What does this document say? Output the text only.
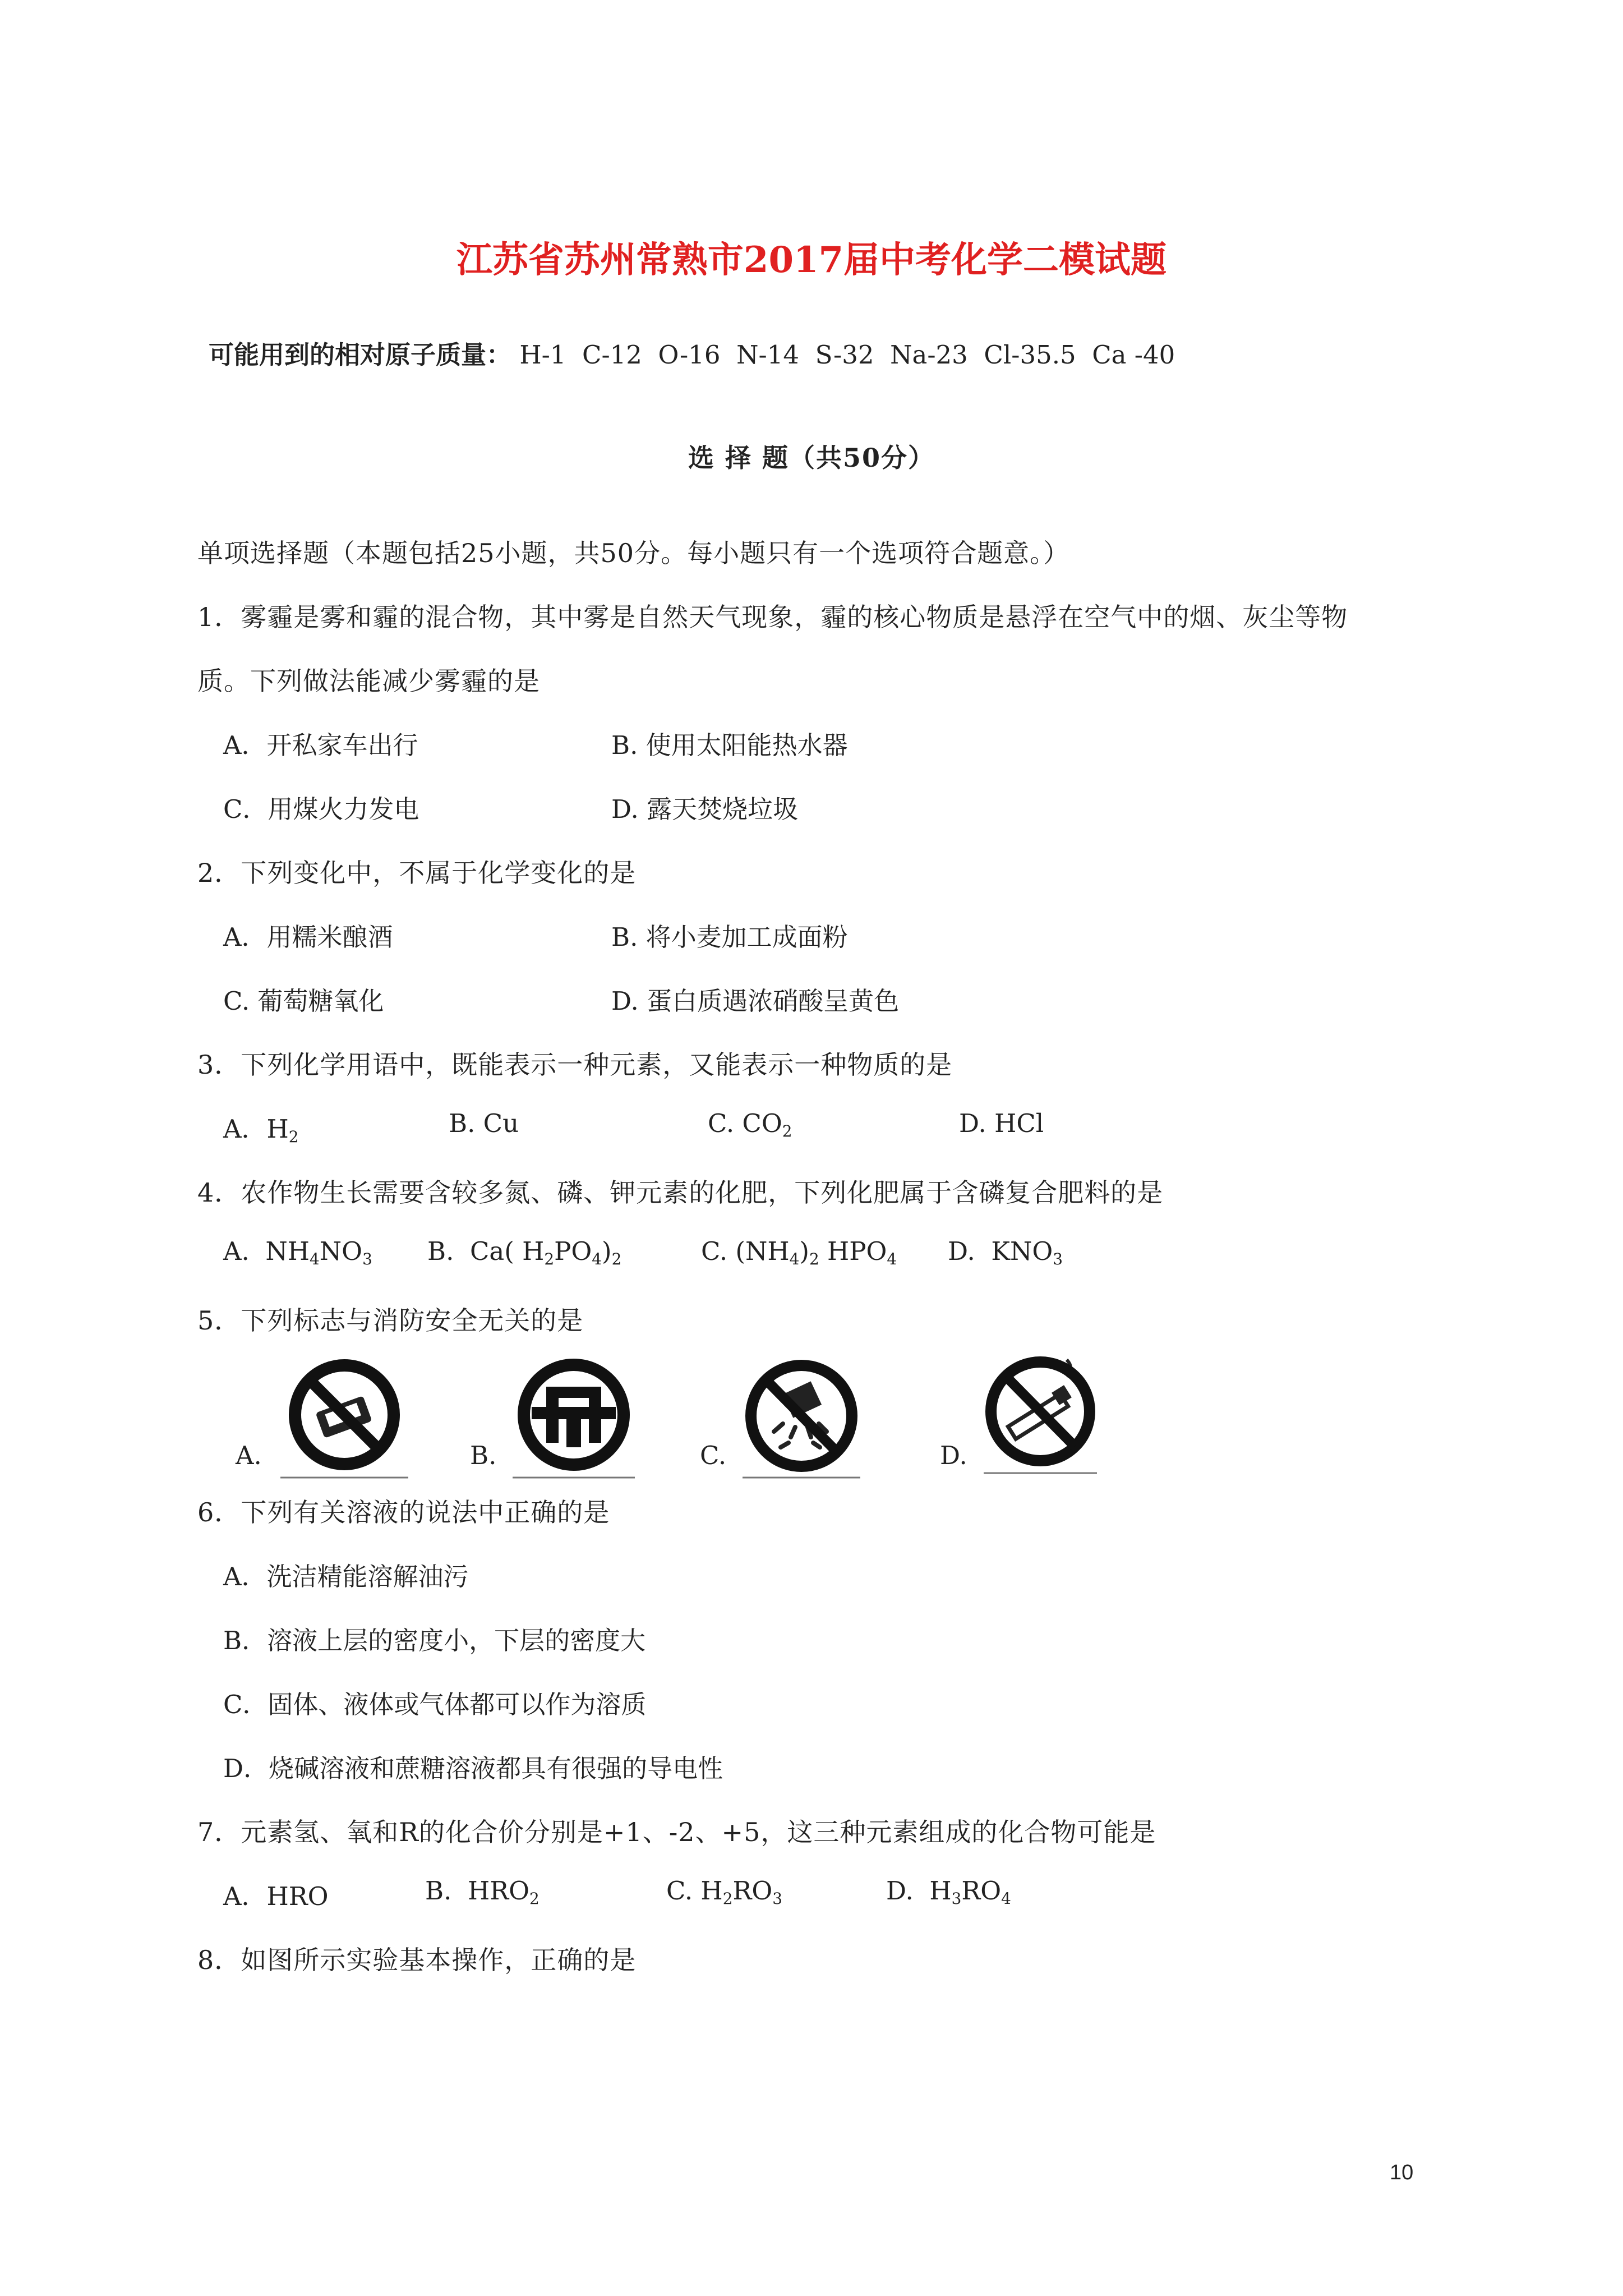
江苏省苏州常熟市2017届中考化学二模试题
可能用到的相对原子质量： H-1  C-12  O-16  N-14  S-32  Na-23  Cl-35.5  Ca -40
选 择 题（共50分）
单项选择题（本题包括25小题，共50分。每小题只有一个选项符合题意。）
1．雾霾是雾和霾的混合物，其中雾是自然天气现象，霾的核心物质是悬浮在空气中的烟、灰尘等物
质。下列做法能减少雾霾的是
A．开私家车出行	B. 使用太阳能热水器
C．用煤火力发电	D. 露天焚烧垃圾
2．下列变化中，不属于化学变化的是
A．用糯米酿酒	B. 将小麦加工成面粉
C. 葡萄糖氧化	D. 蛋白质遇浓硝酸呈黄色
3．下列化学用语中，既能表示一种元素，又能表示一种物质的是
A．$H_2$	B. Cu	C. $CO_2$	D. HCl
4．农作物生长需要含较多氮、磷、钾元素的化肥，下列化肥属于含磷复合肥料的是
A.  $NH_4NO_3$ B.  Ca( $H_2PO_4)_2$	C. $(NH_4)_2$ $HPO_4$ D.  $KNO_3$
5．下列标志与消防安全无关的是
A.	B.	C.	D.
6．下列有关溶液的说法中正确的是
A．洗洁精能溶解油污
B．溶液上层的密度小，下层的密度大
C．固体、液体或气体都可以作为溶质
D．烧碱溶液和蔗糖溶液都具有很强的导电性
7．元素氢、氧和R的化合价分别是+1、-2、+5，这三种元素组成的化合物可能是
A．HRO	B.  $HRO_2$	C. $H_2RO_3$	D.  $H_3RO_4$
8．如图所示实验基本操作，正确的是
10
